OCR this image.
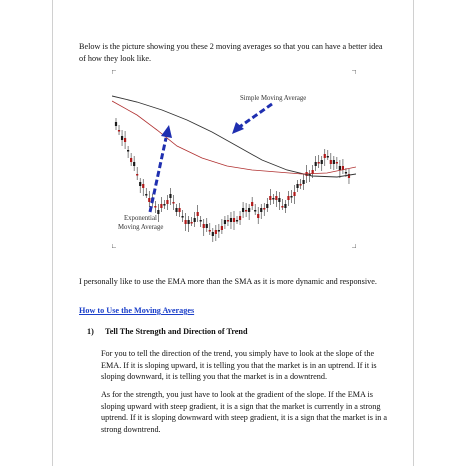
Below is the picture showing you these 2 moving averages so that you can have a better idea of how they look like.

Simple Moving Average
Exponential
Moving Average

I personally like to use the EMA more than the SMA as it is more dynamic and responsive.

How to Use the Moving Averages
1) Tell The Strength and Direction of Trend

For you to tell the direction of the trend, you simply have to look at the slope of the EMA. If it is sloping upward, it is telling you that the market is in an uptrend. If it is sloping downward, it is telling you that the market is in a downtrend.

As for the strength, you just have to look at the gradient of the slope. If the EMA is sloping upward with steep gradient, it is a sign that the market is currently in a strong uptrend. If it is sloping downward with steep gradient, it is a sign that the market is in a strong downtrend.
